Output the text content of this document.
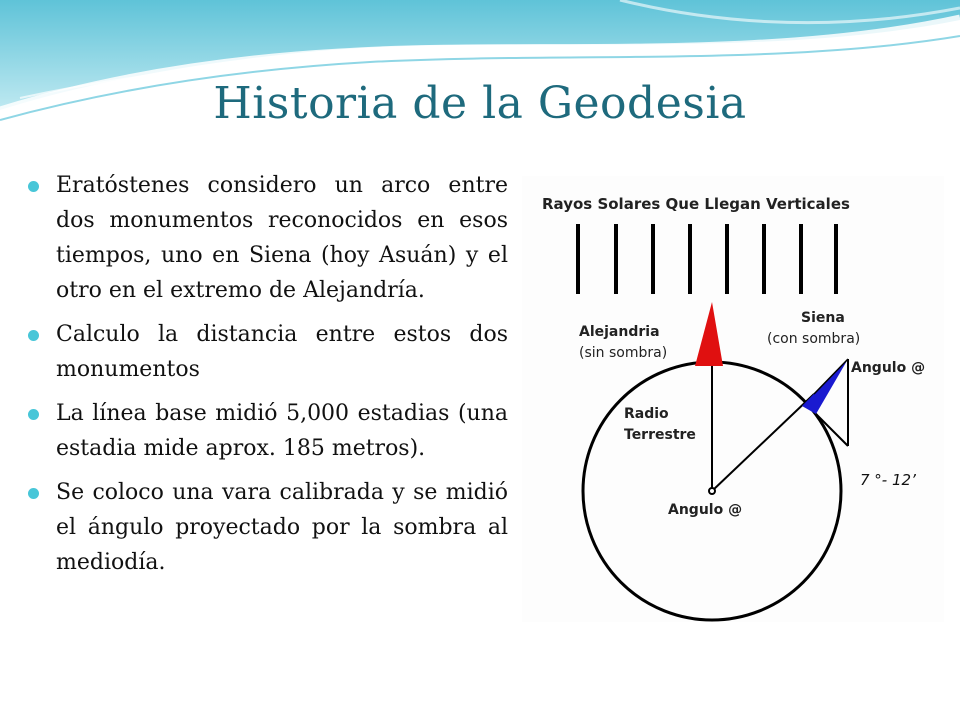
Historia de la Geodesia
Eratóstenes considero un arco entre dos monumentos reconocidos en esos tiempos, uno en Siena (hoy Asuán) y el otro en el extremo de Alejandría.
Calculo la distancia entre estos dos monumentos
La línea base midió 5,000 estadias (una estadia mide aprox. 185 metros).
Se coloco una vara calibrada y se midió el ángulo proyectado por la sombra al mediodía.
Rayos Solares Que Llegan Verticales
Alejandria
(sin sombra)
Siena
(con sombra)
Angulo @
Radio
Terrestre
Angulo @
7 °- 12’
